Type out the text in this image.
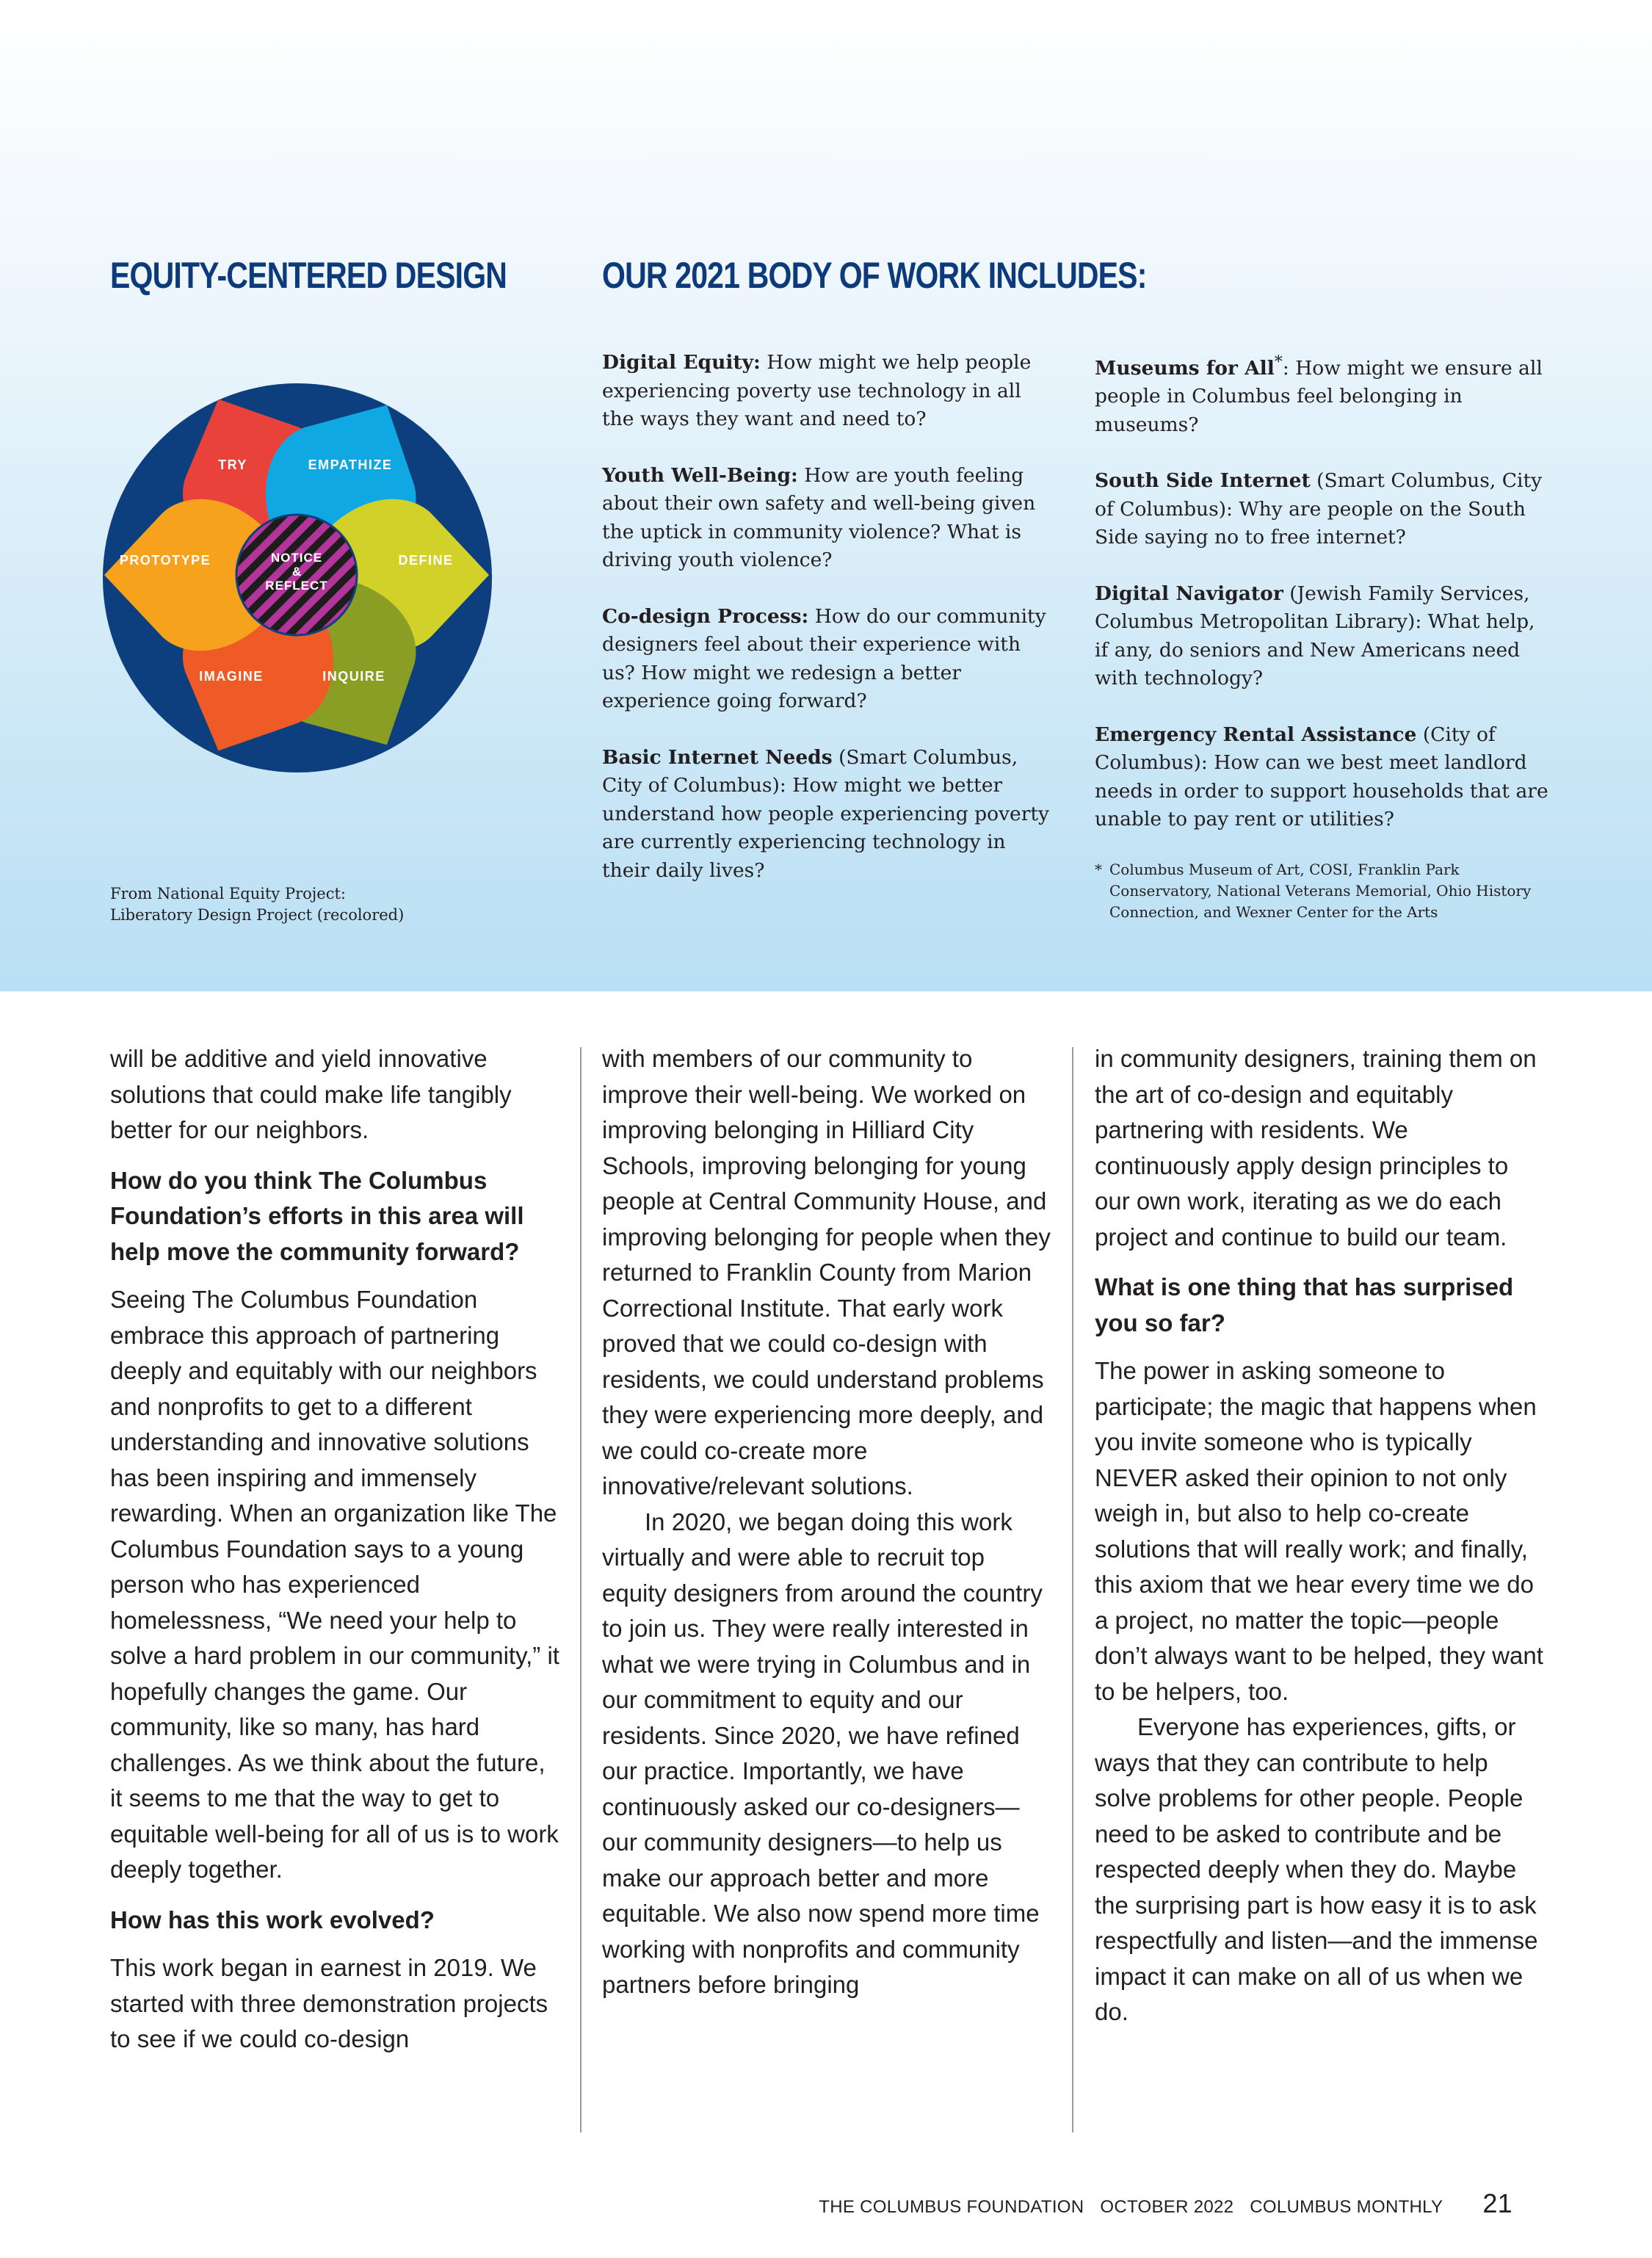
EQUITY-CENTERED DESIGN	OUR 2021 BODY OF WORK INCLUDES:
TRY	EMPATHIZE
DEFINE
INQUIRE
IMAGINE
PROTOTYPE	NOTICE
&
REFLECT
From National Equity Project:
Liberatory Design Project (recolored)

Digital Equity: How might we help people experiencing poverty use technology in all the ways they want and need to?

Youth Well-Being: How are youth feeling about their own safety and well-being given the uptick in community violence? What is driving youth violence?

Co-design Process: How do our community designers feel about their experience with us? How might we redesign a better experience going forward?

Basic Internet Needs (Smart Columbus, City of Columbus): How might we better understand how people experiencing poverty are currently experiencing technology in their daily lives?

Museums for All*: How might we ensure all people in Columbus feel belonging in museums?

South Side Internet (Smart Columbus, City of Columbus): Why are people on the South Side saying no to free internet?

Digital Navigator (Jewish Family Services, Columbus Metropolitan Library): What help, if any, do seniors and New Americans need with technology?

Emergency Rental Assistance (City of Columbus): How can we best meet landlord needs in order to support households that are unable to pay rent or utilities?

* Columbus Museum of Art, COSI, Franklin Park Conservatory, National Veterans Memorial, Ohio History Connection, and Wexner Center for the Arts

will be additive and yield innovative solutions that could make life tangibly better for our neighbors.

How do you think The Columbus Foundation’s efforts in this area will help move the community forward?

Seeing The Columbus Foundation embrace this approach of partnering deeply and equitably with our neighbors and nonprofits to get to a different understanding and innovative solutions has been inspiring and immensely rewarding. When an organization like The Columbus Foundation says to a young person who has experienced homelessness, “We need your help to solve a hard problem in our community,” it hopefully changes the game. Our community, like so many, has hard challenges. As we think about the future, it seems to me that the way to get to equitable well-being for all of us is to work deeply together.

How has this work evolved?

This work began in earnest in 2019. We started with three demonstration projects to see if we could co-design

with members of our community to improve their well-being. We worked on improving belonging in Hilliard City Schools, improving belonging for young people at Central Community House, and improving belonging for people when they returned to Franklin County from Marion Correctional Institute. That early work proved that we could co-design with residents, we could understand problems they were experiencing more deeply, and we could co-create more innovative/relevant solutions.

In 2020, we began doing this work virtually and were able to recruit top equity designers from around the country to join us. They were really interested in what we were trying in Columbus and in our commitment to equity and our residents. Since 2020, we have refined our practice. Importantly, we have continuously asked our co-designers—our community designers—to help us make our approach better and more equitable. We also now spend more time working with nonprofits and community partners before bringing

in community designers, training them on the art of co-design and equitably partnering with residents. We continuously apply design principles to our own work, iterating as we do each project and continue to build our team.

What is one thing that has surprised you so far?

The power in asking someone to participate; the magic that happens when you invite someone who is typically NEVER asked their opinion to not only weigh in, but also to help co-create solutions that will really work; and finally, this axiom that we hear every time we do a project, no matter the topic—people don’t always want to be helped, they want to be helpers, too.

Everyone has experiences, gifts, or ways that they can contribute to help solve problems for other people. People need to be asked to contribute and be respected deeply when they do. Maybe the surprising part is how easy it is to ask respectfully and listen—and the immense impact it can make on all of us when we do.

THE COLUMBUS FOUNDATION OCTOBER 2022 COLUMBUS MONTHLY 21
